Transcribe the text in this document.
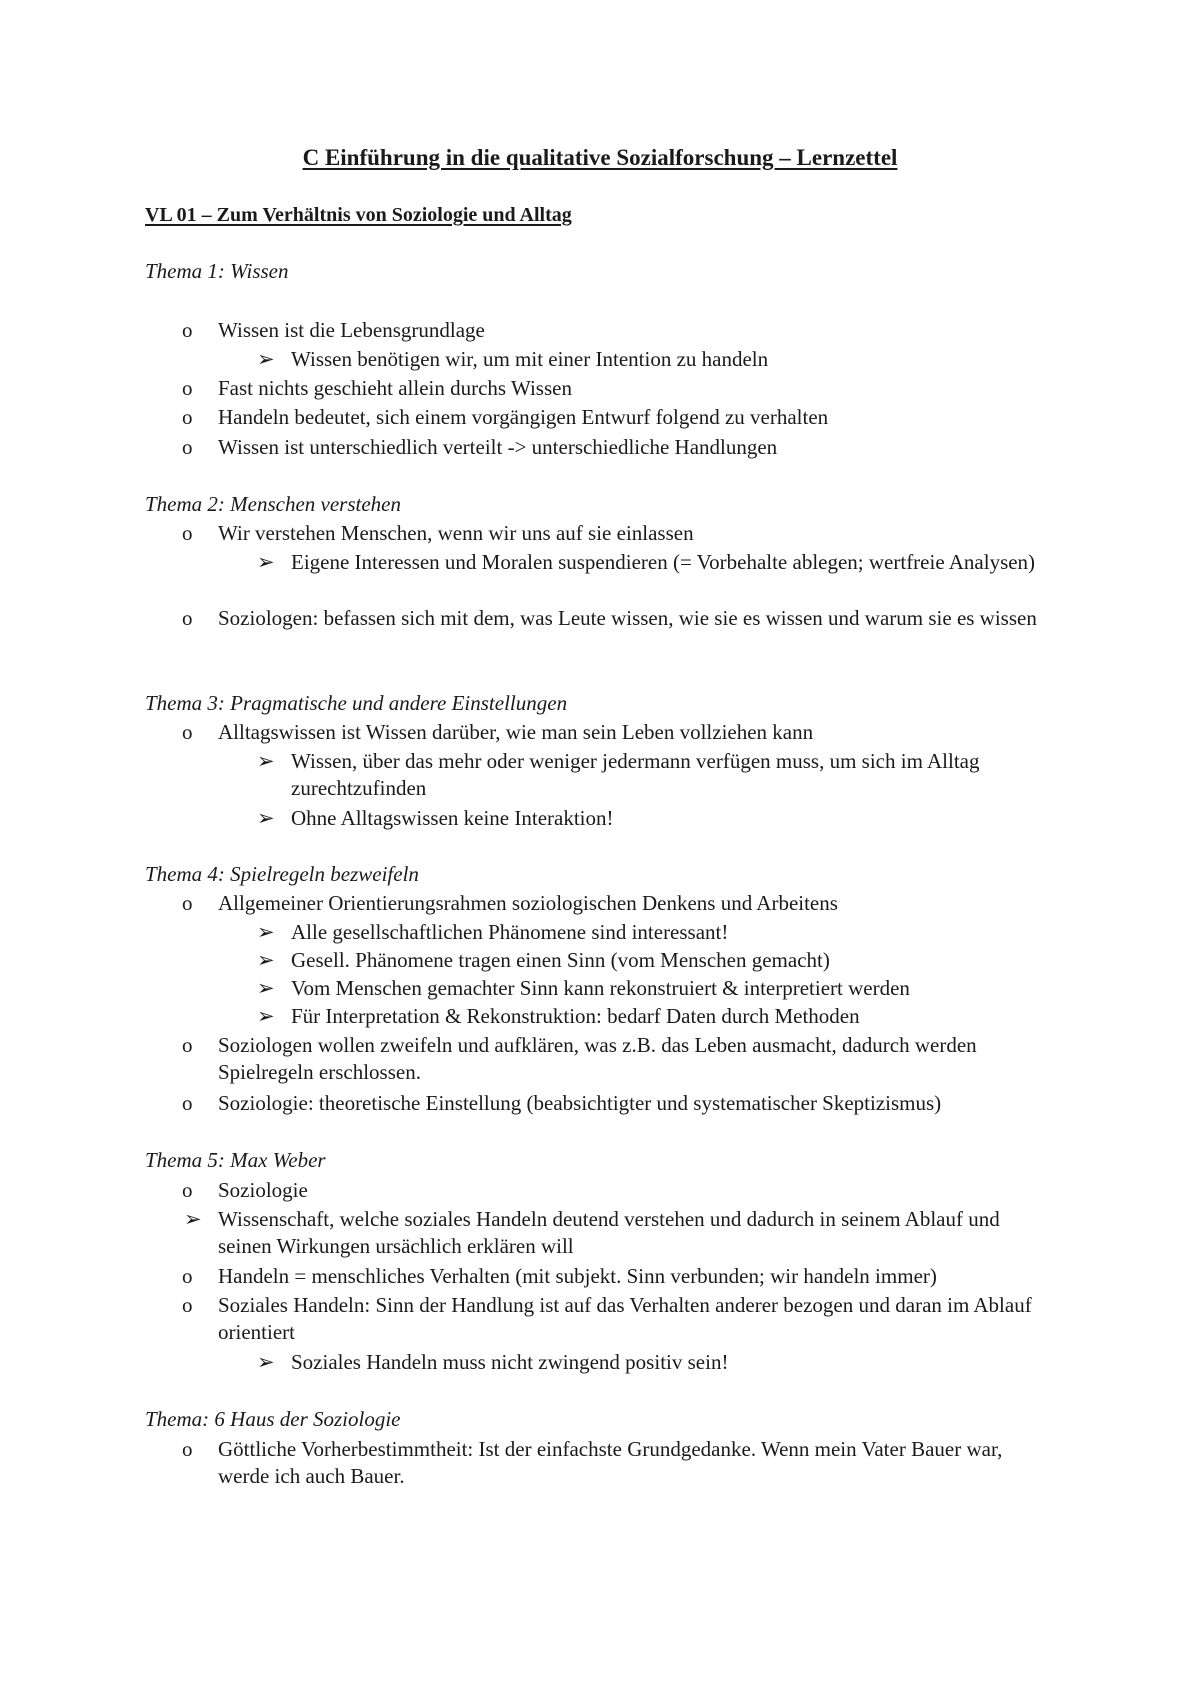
C Einführung in die qualitative Sozialforschung – Lernzettel
VL 01 – Zum Verhältnis von Soziologie und Alltag
Thema 1: Wissen
o Wissen ist die Lebensgrundlage
➢ Wissen benötigen wir, um mit einer Intention zu handeln
o Fast nichts geschieht allein durchs Wissen
o Handeln bedeutet, sich einem vorgängigen Entwurf folgend zu verhalten
o Wissen ist unterschiedlich verteilt -> unterschiedliche Handlungen
Thema 2: Menschen verstehen
o Wir verstehen Menschen, wenn wir uns auf sie einlassen
➢ Eigene Interessen und Moralen suspendieren (= Vorbehalte ablegen; wertfreie Analysen)
o Soziologen: befassen sich mit dem, was Leute wissen, wie sie es wissen und warum sie es wissen
Thema 3: Pragmatische und andere Einstellungen
o Alltagswissen ist Wissen darüber, wie man sein Leben vollziehen kann
➢ Wissen, über das mehr oder weniger jedermann verfügen muss, um sich im Alltag zurechtzufinden
➢ Ohne Alltagswissen keine Interaktion!
Thema 4: Spielregeln bezweifeln
o Allgemeiner Orientierungsrahmen soziologischen Denkens und Arbeitens
➢ Alle gesellschaftlichen Phänomene sind interessant!
➢ Gesell. Phänomene tragen einen Sinn (vom Menschen gemacht)
➢ Vom Menschen gemachter Sinn kann rekonstruiert & interpretiert werden
➢ Für Interpretation & Rekonstruktion: bedarf Daten durch Methoden
o Soziologen wollen zweifeln und aufklären, was z.B. das Leben ausmacht, dadurch werden Spielregeln erschlossen.
o Soziologie: theoretische Einstellung (beabsichtigter und systematischer Skeptizismus)
Thema 5: Max Weber
o Soziologie
➢ Wissenschaft, welche soziales Handeln deutend verstehen und dadurch in seinem Ablauf und seinen Wirkungen ursächlich erklären will
o Handeln = menschliches Verhalten (mit subjekt. Sinn verbunden; wir handeln immer)
o Soziales Handeln: Sinn der Handlung ist auf das Verhalten anderer bezogen und daran im Ablauf orientiert
➢ Soziales Handeln muss nicht zwingend positiv sein!
Thema: 6 Haus der Soziologie
o Göttliche Vorherbestimmtheit: Ist der einfachste Grundgedanke. Wenn mein Vater Bauer war, werde ich auch Bauer.
